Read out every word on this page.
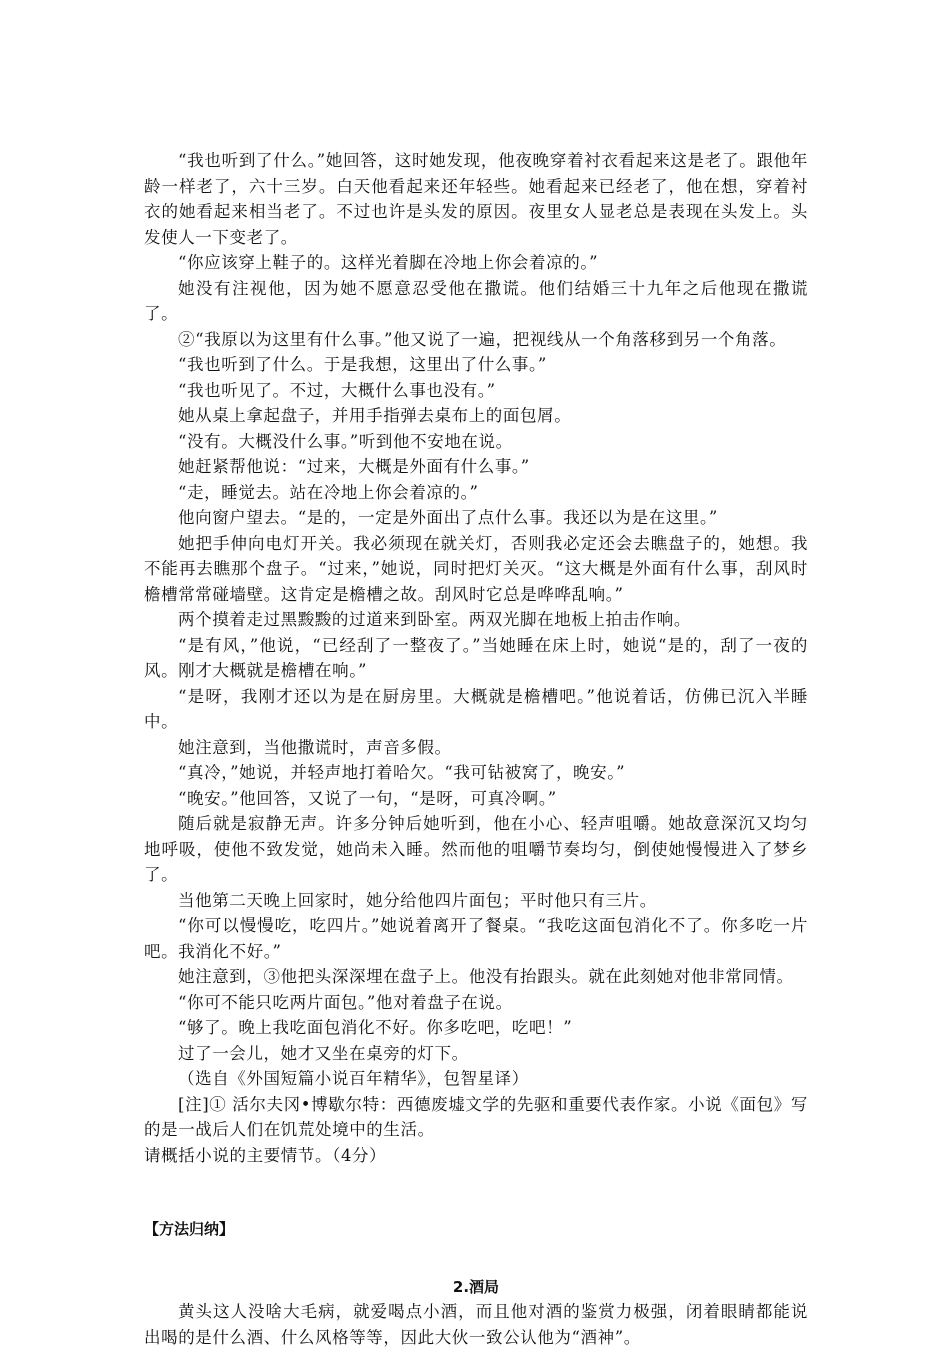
“我也听到了什么。”她回答，这时她发现，他夜晚穿着衬衣看起来这是老了。跟他年龄一样老了，六十三岁。白天他看起来还年轻些。她看起来已经老了，他在想，穿着衬衣的她看起来相当老了。不过也许是头发的原因。夜里女人显老总是表现在头发上。头发使人一下变老了。

“你应该穿上鞋子的。这样光着脚在冷地上你会着凉的。”

她没有注视他，因为她不愿意忍受他在撒谎。他们结婚三十九年之后他现在撒谎了。

②“我原以为这里有什么事。”他又说了一遍，把视线从一个角落移到另一个角落。

“我也听到了什么。于是我想，这里出了什么事。”

“我也听见了。不过，大概什么事也没有。”

她从桌上拿起盘子，并用手指弹去桌布上的面包屑。

“没有。大概没什么事。”听到他不安地在说。

她赶紧帮他说：“过来，大概是外面有什么事。”

“走，睡觉去。站在冷地上你会着凉的。”

他向窗户望去。“是的，一定是外面出了点什么事。我还以为是在这里。”

她把手伸向电灯开关。我必须现在就关灯，否则我必定还会去瞧盘子的，她想。我不能再去瞧那个盘子。“过来，”她说，同时把灯关灭。“这大概是外面有什么事，刮风时檐槽常常碰墙壁。这肯定是檐槽之故。刮风时它总是哗哗乱响。”

两个摸着走过黑黢黢的过道来到卧室。两双光脚在地板上拍击作响。

“是有风，”他说，“已经刮了一整夜了。”当她睡在床上时，她说“是的，刮了一夜的风。刚才大概就是檐槽在响。”

“是呀，我刚才还以为是在厨房里。大概就是檐槽吧。”他说着话，仿佛已沉入半睡中。

她注意到，当他撒谎时，声音多假。

“真冷，”她说，并轻声地打着哈欠。“我可钻被窝了，晚安。”

“晚安。”他回答，又说了一句，“是呀，可真冷啊。”

随后就是寂静无声。许多分钟后她听到，他在小心、轻声咀嚼。她故意深沉又均匀地呼吸，使他不致发觉，她尚未入睡。然而他的咀嚼节奏均匀，倒使她慢慢进入了梦乡了。

当他第二天晚上回家时，她分给他四片面包；平时他只有三片。

“你可以慢慢吃，吃四片。”她说着离开了餐桌。“我吃这面包消化不了。你多吃一片吧。我消化不好。”

她注意到，③他把头深深埋在盘子上。他没有抬跟头。就在此刻她对他非常同情。

“你可不能只吃两片面包。”他对着盘子在说。

“够了。晚上我吃面包消化不好。你多吃吧，吃吧！”

过了一会儿，她才又坐在桌旁的灯下。

（选自《外国短篇小说百年精华》，包智星译）

[注]① 活尔夫冈•博歇尔特：西德废墟文学的先驱和重要代表作家。小说《面包》写的是一战后人们在饥荒处境中的生活。

请概括小说的主要情节。（4分）

【方法归纳】
2.酒局

黄头这人没啥大毛病，就爱喝点小酒，而且他对酒的鉴赏力极强，闭着眼睛都能说出喝的是什么酒、什么风格等等，因此大伙一致公认他为“酒神”。
